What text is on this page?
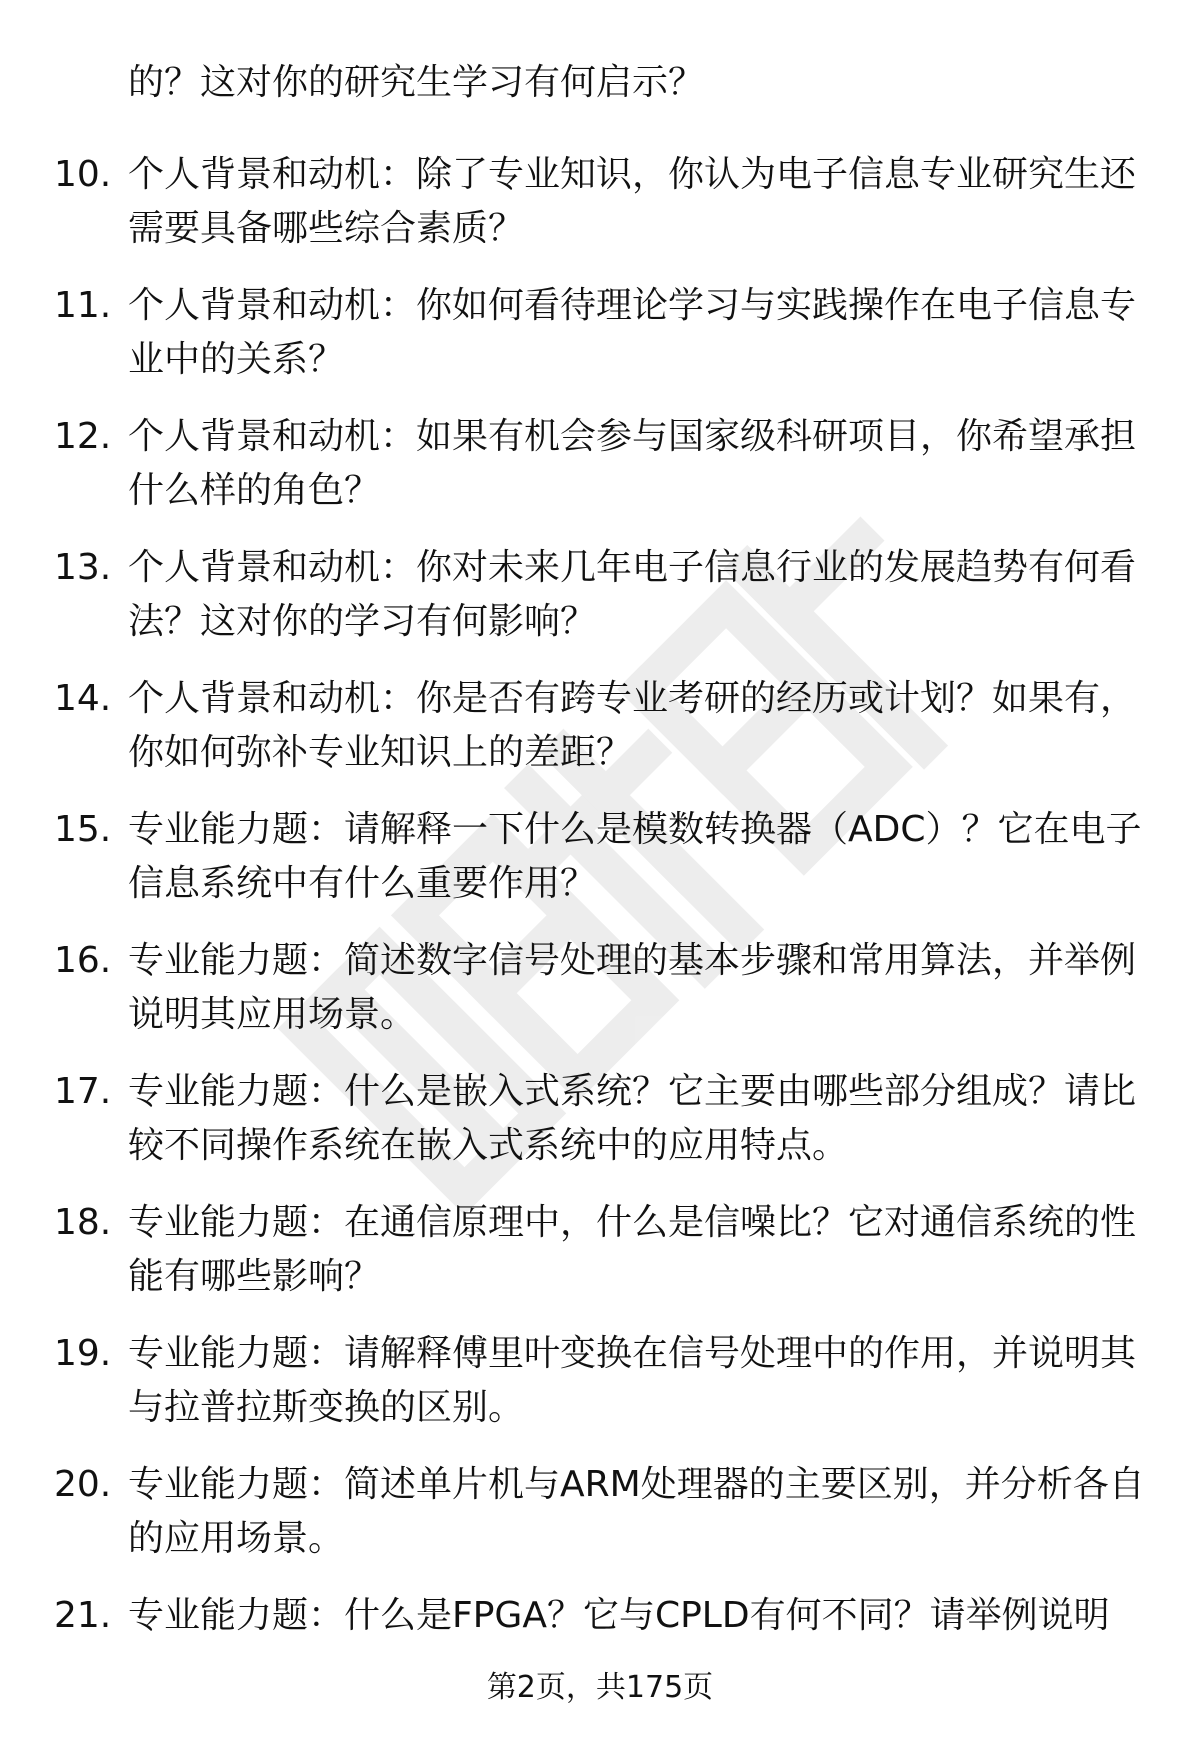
的？这对你的研究生学习有何启示？
10. 个人背景和动机：除了专业知识，你认为电子信息专业研究生还
需要具备哪些综合素质？
11. 个人背景和动机：你如何看待理论学习与实践操作在电子信息专
业中的关系？
12. 个人背景和动机：如果有机会参与国家级科研项目，你希望承担
什么样的角色？
13. 个人背景和动机：你对未来几年电子信息行业的发展趋势有何看
法？这对你的学习有何影响？
14. 个人背景和动机：你是否有跨专业考研的经历或计划？如果有，
你如何弥补专业知识上的差距？
15. 专业能力题：请解释一下什么是模数转换器（ADC）？它在电子
信息系统中有什么重要作用？
16. 专业能力题：简述数字信号处理的基本步骤和常用算法，并举例
说明其应用场景。
17. 专业能力题：什么是嵌入式系统？它主要由哪些部分组成？请比
较不同操作系统在嵌入式系统中的应用特点。
18. 专业能力题：在通信原理中，什么是信噪比？它对通信系统的性
能有哪些影响？
19. 专业能力题：请解释傅里叶变换在信号处理中的作用，并说明其
与拉普拉斯变换的区别。
20. 专业能力题：简述单片机与ARM处理器的主要区别，并分析各自
的应用场景。
21. 专业能力题：什么是FPGA？它与CPLD有何不同？请举例说明
第2页，共175页
